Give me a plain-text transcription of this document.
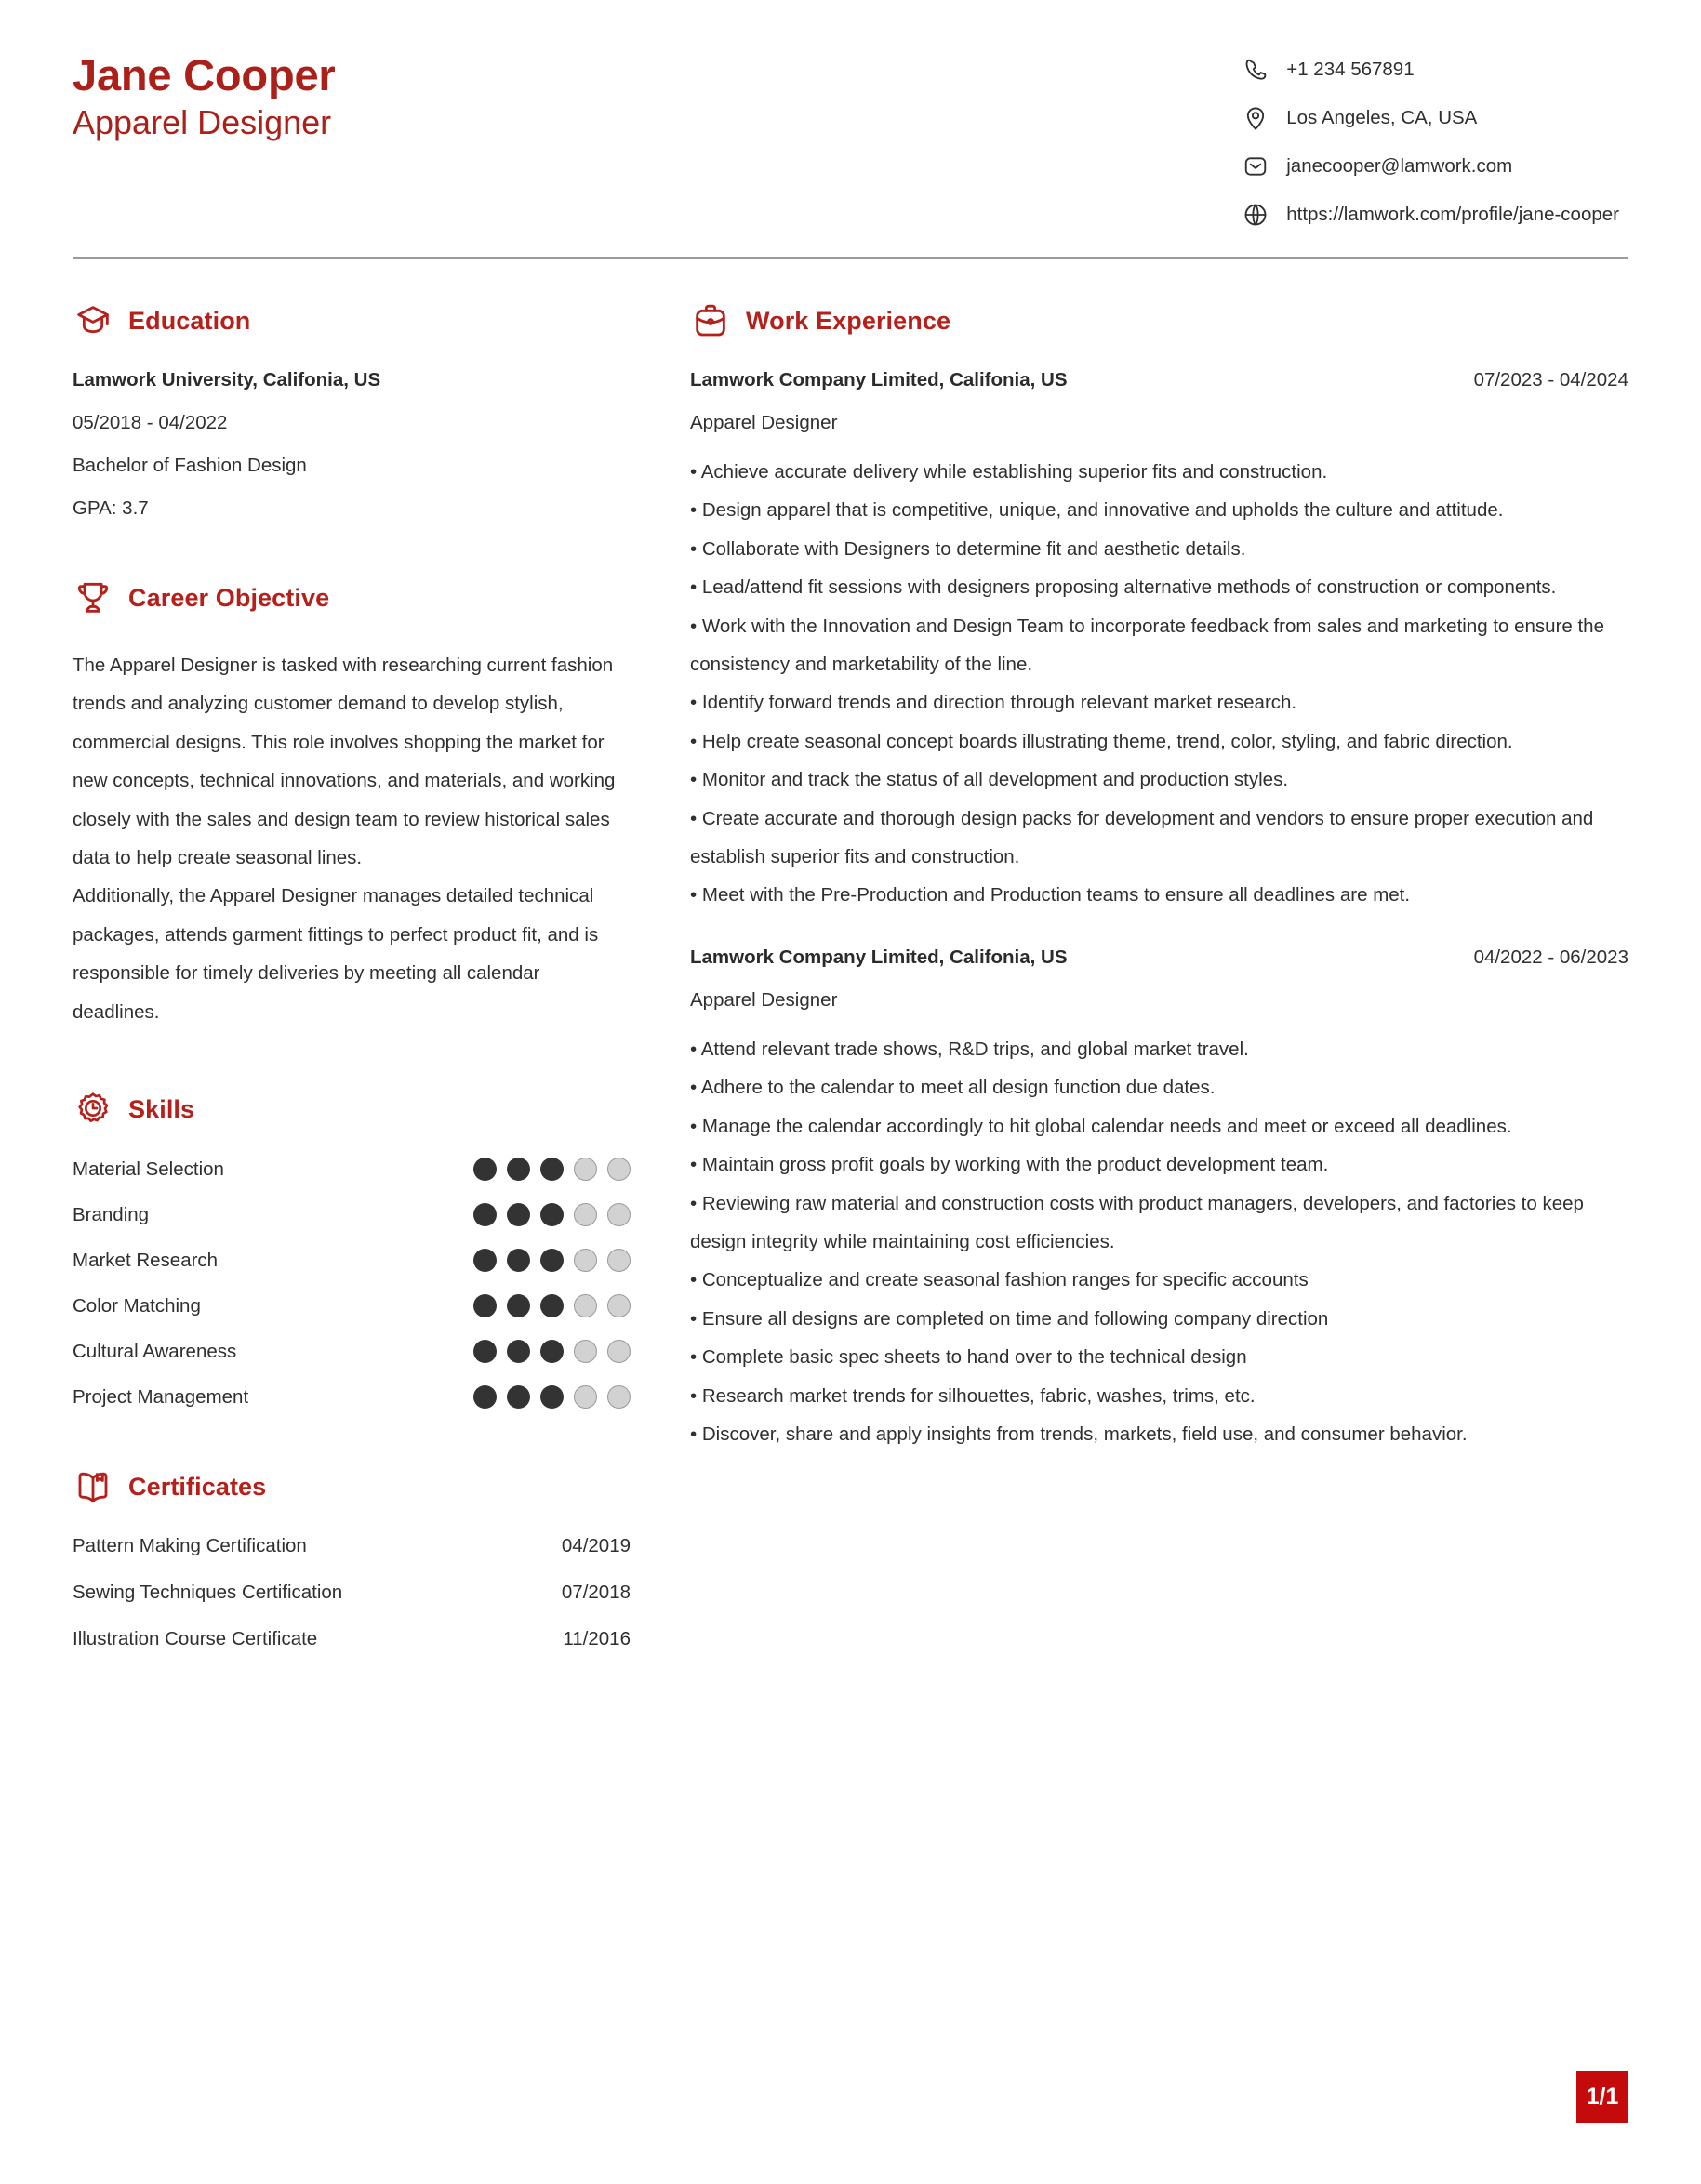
Jane Cooper
Apparel Designer
+1 234 567891
Los Angeles, CA, USA
janecooper@lamwork.com
https://lamwork.com/profile/jane-cooper
Education
Lamwork University, Califonia, US
05/2018 - 04/2022
Bachelor of Fashion Design
GPA: 3.7
Career Objective

The Apparel Designer is tasked with researching current fashion trends and analyzing customer demand to develop stylish, commercial designs. This role involves shopping the market for new concepts, technical innovations, and materials, and working closely with the sales and design team to review historical sales data to help create seasonal lines.

Additionally, the Apparel Designer manages detailed technical packages, attends garment fittings to perfect product fit, and is responsible for timely deliveries by meeting all calendar deadlines.

Skills
Material Selection
Branding
Market Research
Color Matching
Cultural Awareness
Project Management
Certificates
Pattern Making Certification	04/2019
Sewing Techniques Certification	07/2018
Illustration Course Certificate	11/2016
Work Experience
Lamwork Company Limited, Califonia, US	07/2023 - 04/2024
Apparel Designer

• Achieve accurate delivery while establishing superior fits and construction.

• Design apparel that is competitive, unique, and innovative and upholds the culture and attitude.

• Collaborate with Designers to determine fit and aesthetic details.

• Lead/attend fit sessions with designers proposing alternative methods of construction or components.

• Work with the Innovation and Design Team to incorporate feedback from sales and marketing to ensure the consistency and marketability of the line.

• Identify forward trends and direction through relevant market research.

• Help create seasonal concept boards illustrating theme, trend, color, styling, and fabric direction.

• Monitor and track the status of all development and production styles.

• Create accurate and thorough design packs for development and vendors to ensure proper execution and establish superior fits and construction.

• Meet with the Pre-Production and Production teams to ensure all deadlines are met.

Lamwork Company Limited, Califonia, US	04/2022 - 06/2023
Apparel Designer

• Attend relevant trade shows, R&D trips, and global market travel.

• Adhere to the calendar to meet all design function due dates.

• Manage the calendar accordingly to hit global calendar needs and meet or exceed all deadlines.

• Maintain gross profit goals by working with the product development team.

• Reviewing raw material and construction costs with product managers, developers, and factories to keep design integrity while maintaining cost efficiencies.

• Conceptualize and create seasonal fashion ranges for specific accounts

• Ensure all designs are completed on time and following company direction

• Complete basic spec sheets to hand over to the technical design

• Research market trends for silhouettes, fabric, washes, trims, etc.

• Discover, share and apply insights from trends, markets, field use, and consumer behavior.

1/1
